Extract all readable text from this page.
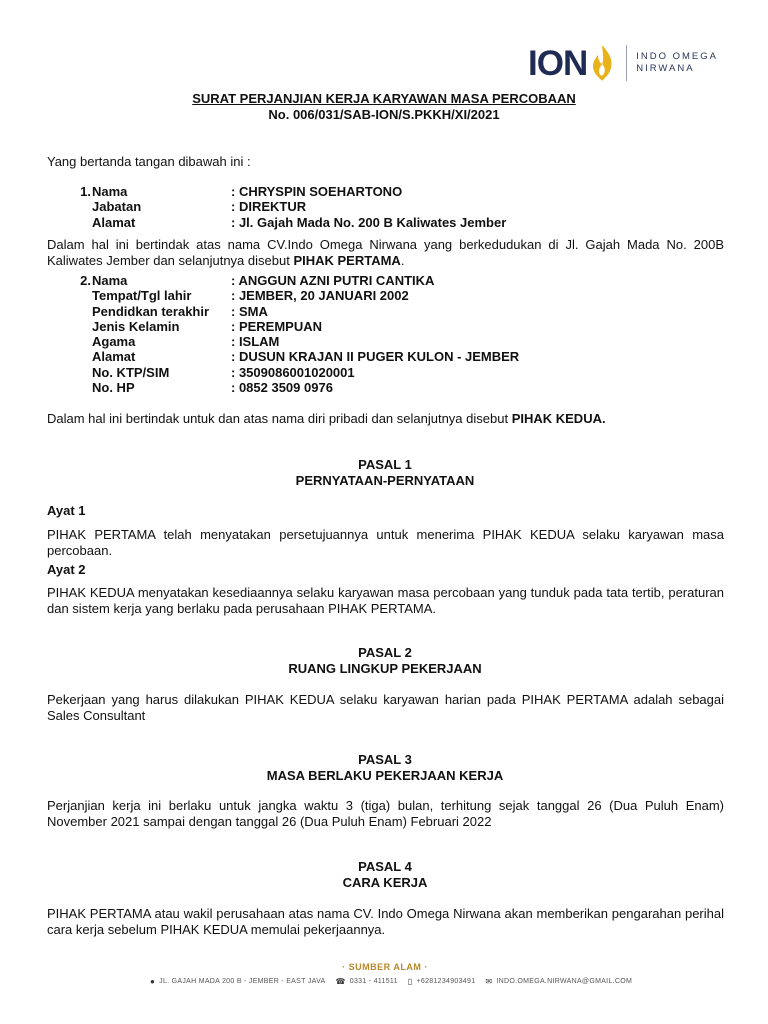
ION	INDO OMEGA
NIRWANA
SURAT PERJANJIAN KERJA KARYAWAN MASA PERCOBAAN
No. 006/031/SAB-ION/S.PKKH/XI/2021
Yang bertanda tangan dibawah ini :
1. Nama	: CHRYSPIN SOEHARTONO
Jabatan	: DIREKTUR
Alamat	: Jl. Gajah Mada No. 200 B Kaliwates Jember
Dalam hal ini bertindak atas nama CV.Indo Omega Nirwana yang berkedudukan di Jl. Gajah Mada No. 200B Kaliwates Jember dan selanjutnya disebut PIHAK PERTAMA.
2. Nama	: ANGGUN AZNI PUTRI CANTIKA
Tempat/Tgl lahir	: JEMBER, 20 JANUARI 2002
Pendidkan terakhir	: SMA
Jenis Kelamin	: PEREMPUAN
Agama	: ISLAM
Alamat	: DUSUN KRAJAN II PUGER KULON - JEMBER
No. KTP/SIM	: 3509086001020001
No. HP	: 0852 3509 0976
Dalam hal ini bertindak untuk dan atas nama diri pribadi dan selanjutnya disebut PIHAK KEDUA.
PASAL 1
PERNYATAAN-PERNYATAAN
Ayat 1
PIHAK PERTAMA telah menyatakan persetujuannya untuk menerima PIHAK KEDUA selaku karyawan masa percobaan.
Ayat 2
PIHAK KEDUA menyatakan kesediaannya selaku karyawan masa percobaan yang tunduk pada tata tertib, peraturan dan sistem kerja yang berlaku pada perusahaan PIHAK PERTAMA.
PASAL 2
RUANG LINGKUP PEKERJAAN
Pekerjaan yang harus dilakukan PIHAK KEDUA selaku karyawan harian pada PIHAK PERTAMA adalah sebagai Sales Consultant
PASAL 3
MASA BERLAKU PEKERJAAN KERJA
Perjanjian kerja ini berlaku untuk jangka waktu 3 (tiga) bulan, terhitung sejak tanggal 26 (Dua Puluh Enam) November 2021 sampai dengan tanggal 26 (Dua Puluh Enam) Februari 2022
PASAL 4
CARA KERJA
PIHAK PERTAMA atau wakil perusahaan atas nama CV. Indo Omega Nirwana akan memberikan pengarahan perihal cara kerja sebelum PIHAK KEDUA memulai pekerjaannya.
· SUMBER ALAM ·
● JL. GAJAH MADA 200 B - JEMBER - EAST JAVA ☎ 0331 - 411511 ▯ +6281234903491 ✉ INDO.OMEGA.NIRWANA@GMAIL.COM
